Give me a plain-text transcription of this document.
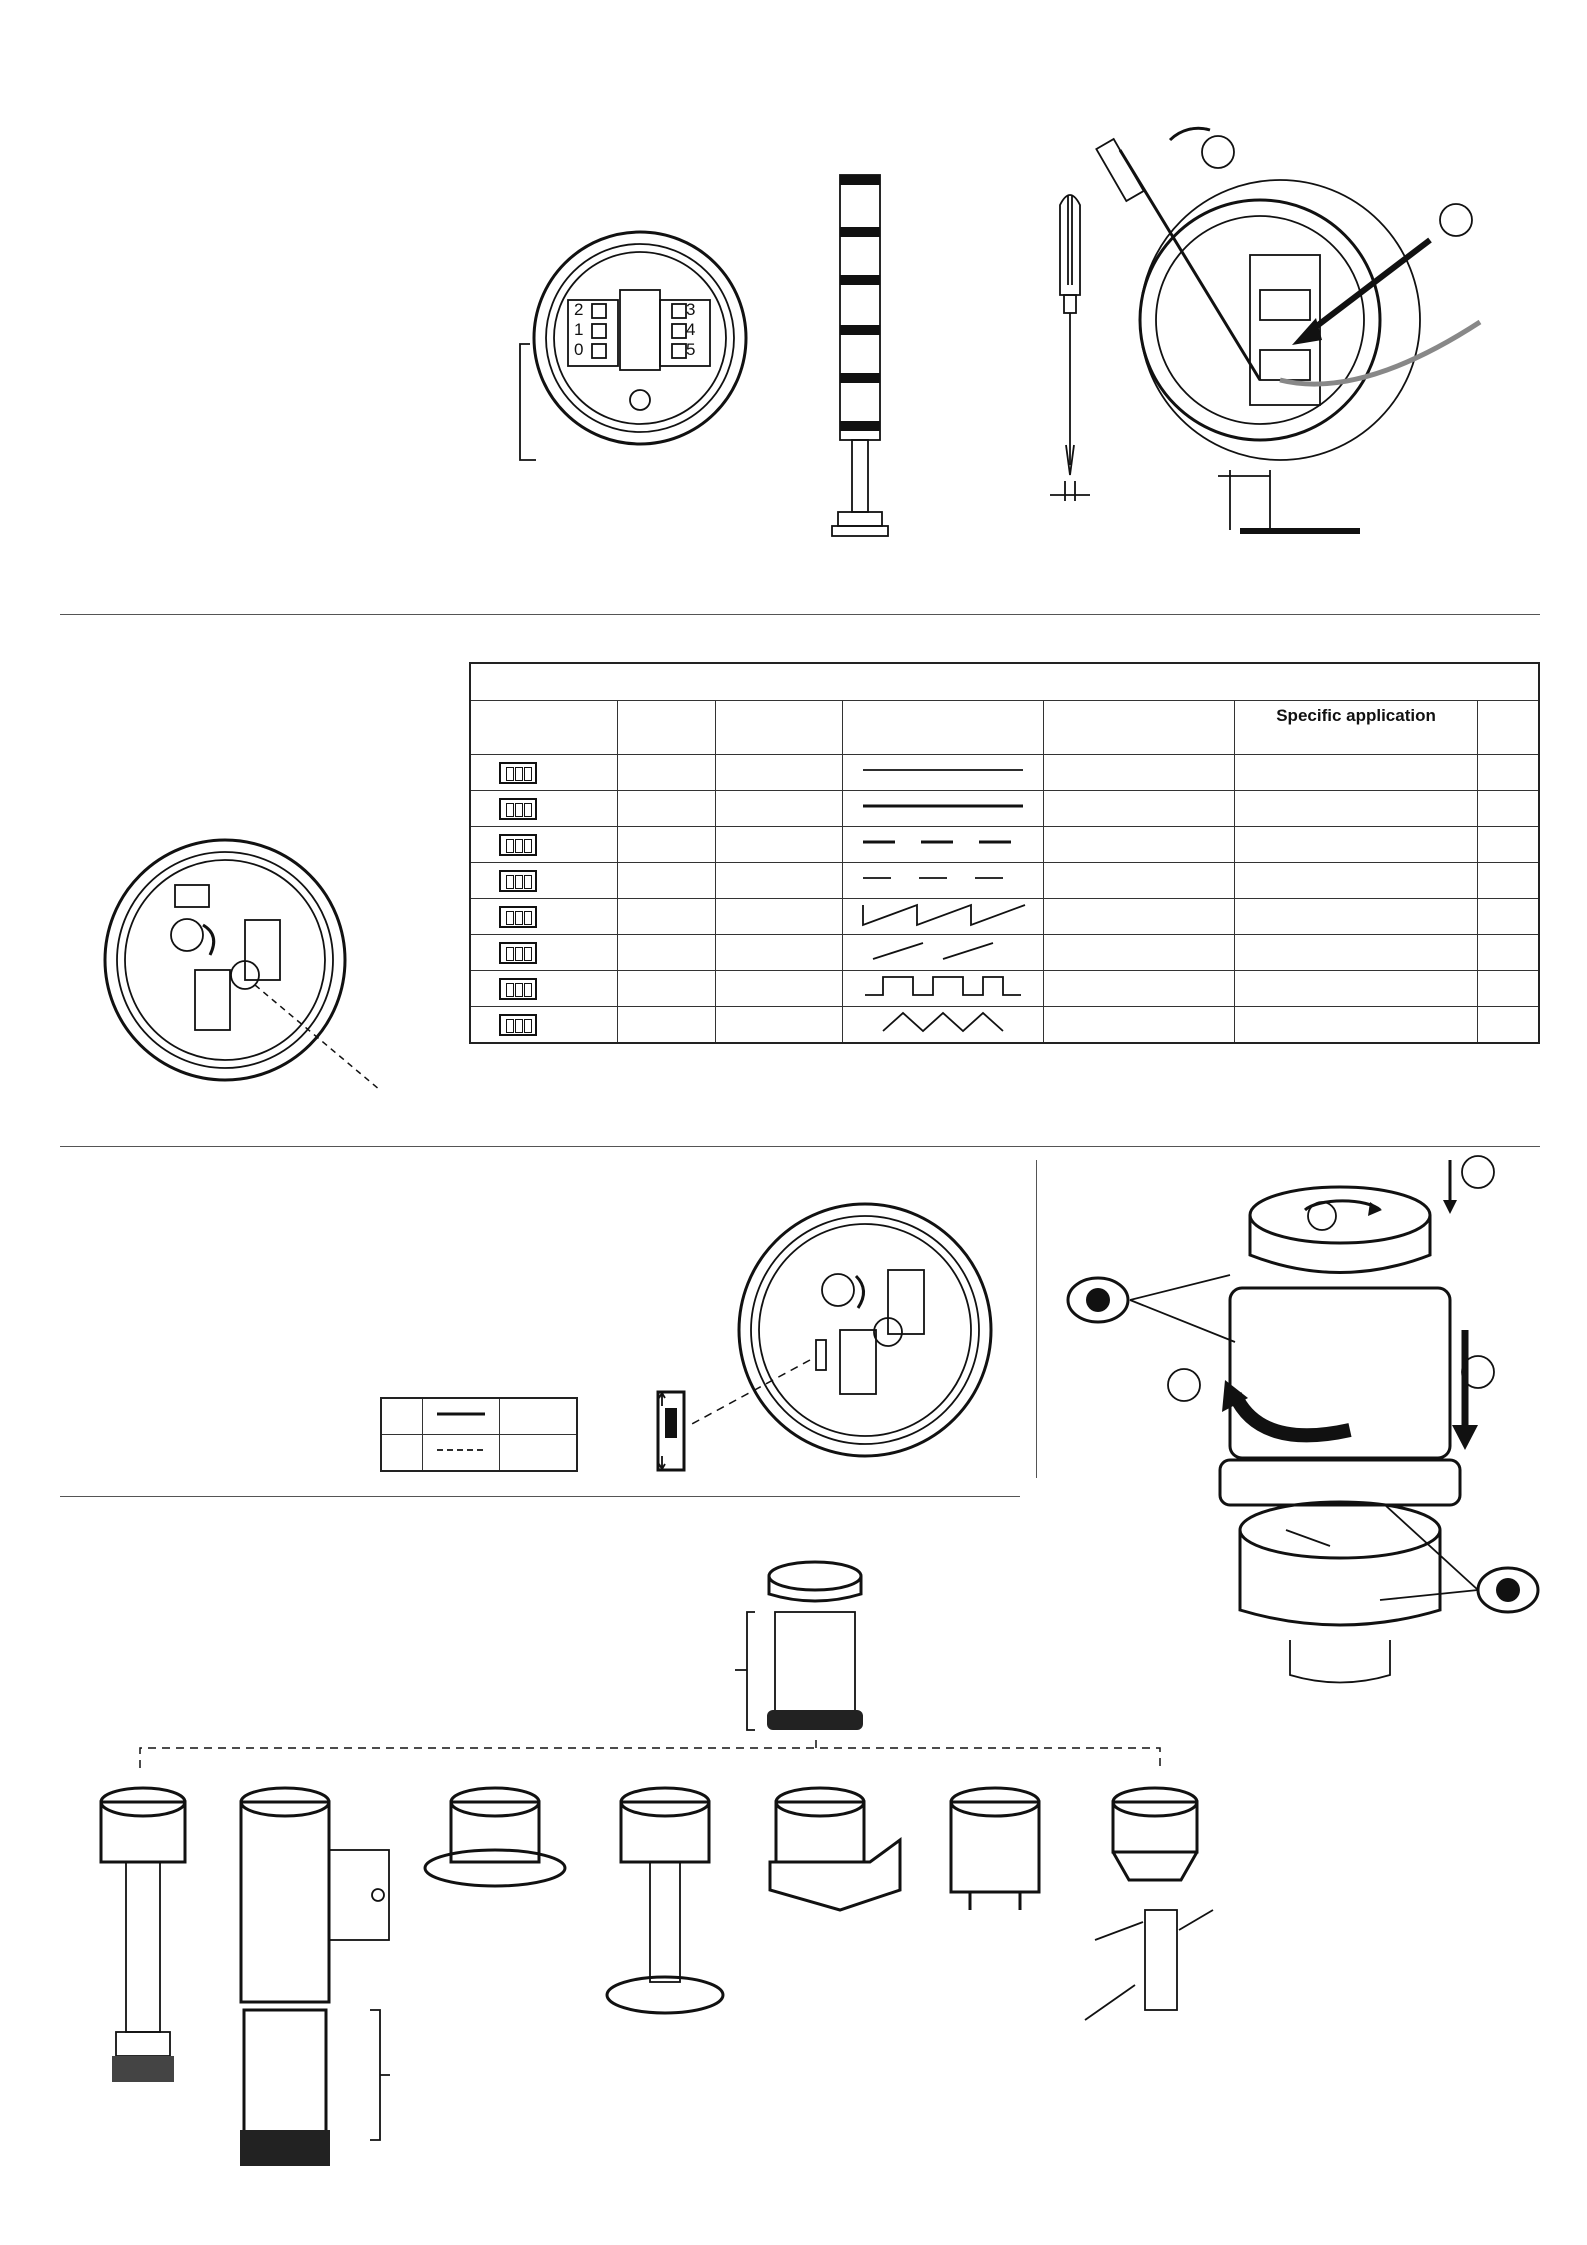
2
1
0
3
4
5

					Specific application	
